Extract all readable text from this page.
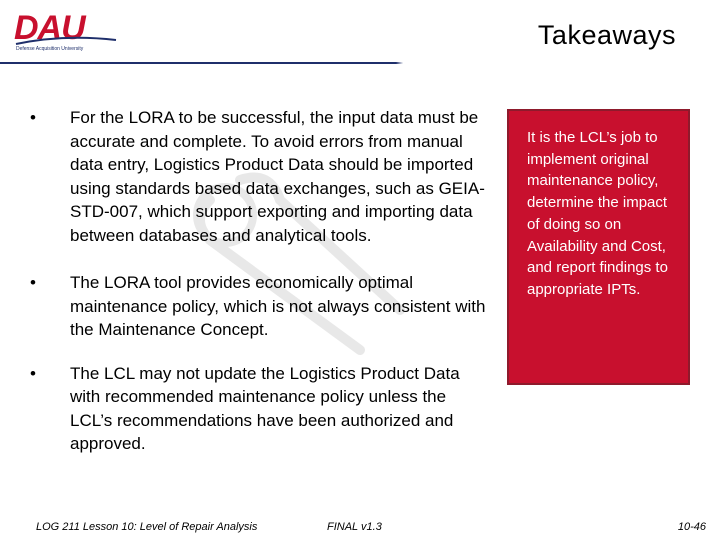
DAU
Defense Acquisition University	Takeaways
•	For the LORA to be successful, the input data must be accurate and complete. To avoid errors from manual data entry, Logistics Product Data should be imported using standards based data exchanges, such as GEIA-STD-007, which support exporting and importing data between databases and analytical tools.
•	The LORA tool provides economically optimal maintenance policy, which is not always consistent with the Maintenance Concept.
•	The LCL may not update the Logistics Product Data with recommended maintenance policy unless the LCL’s recommendations have been authorized and approved.
It is the LCL’s job to implement original maintenance policy, determine the impact of doing so on Availability and Cost, and report findings to appropriate IPTs.
LOG 211 Lesson 10: Level of Repair Analysis	FINAL v1.3	10-46
